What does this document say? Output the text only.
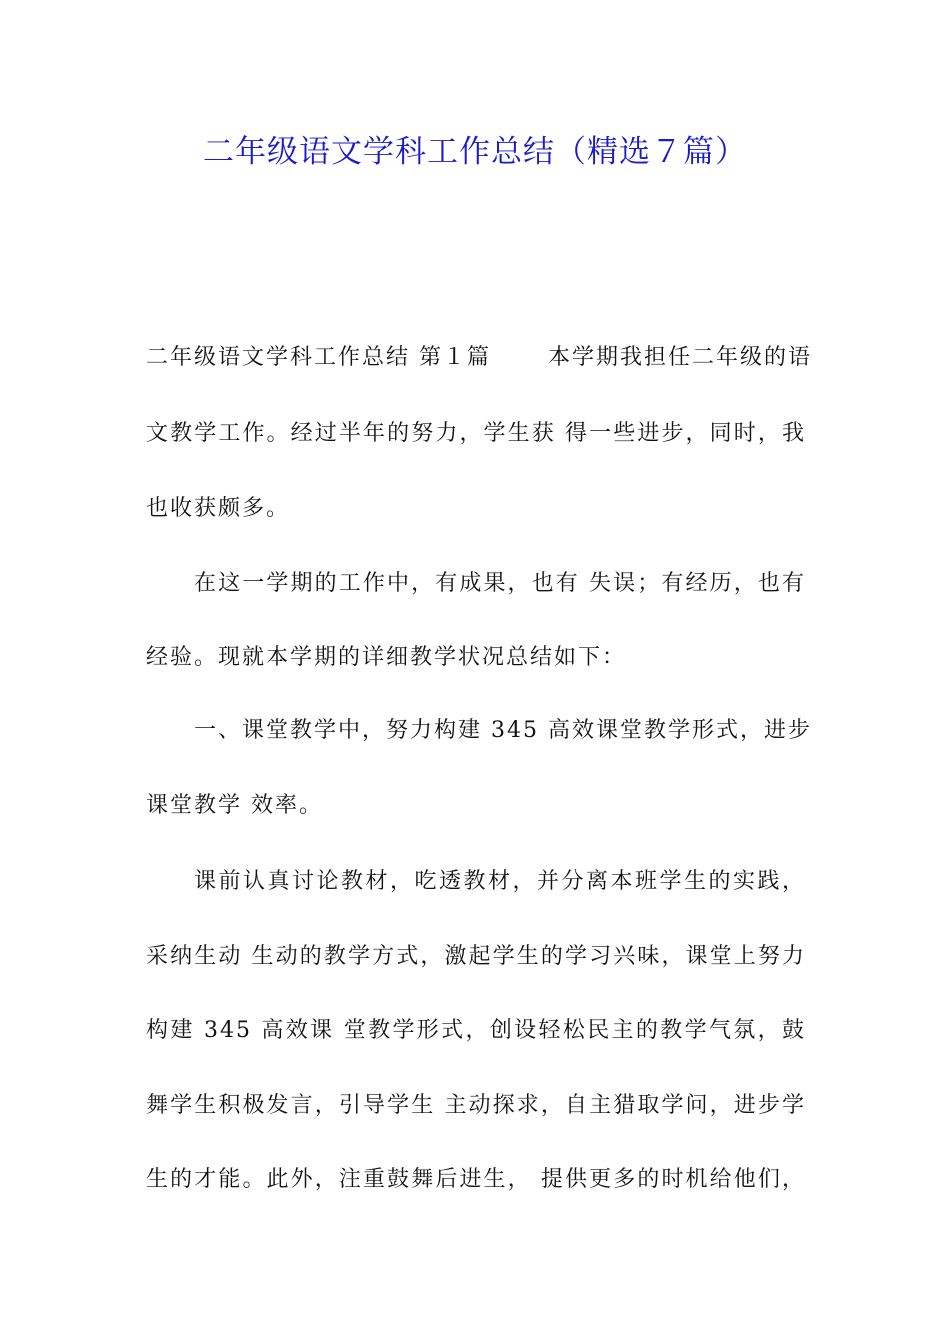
二年级语文学科工作总结（精选７篇）

二年级语文学科工作总结 第１篇 　　本学期我担任二年级的语

文教学工作。经过半年的努力，学生获 得一些进步，同时，我

也收获颇多。

在这一学期的工作中，有成果，也有 失误；有经历，也有

经验。现就本学期的详细教学状况总结如下：

一、课堂教学中，努力构建 345 高效课堂教学形式，进步

课堂教学 效率。

课前认真讨论教材，吃透教材，并分离本班学生的实践，

采纳生动 生动的教学方式，激起学生的学习兴味，课堂上努力

构建 345 高效课 堂教学形式，创设轻松民主的教学气氛，鼓

舞学生积极发言，引导学生 主动探求，自主猎取学问，进步学

生的才能。此外，注重鼓舞后进生， 提供更多的时机给他们，
